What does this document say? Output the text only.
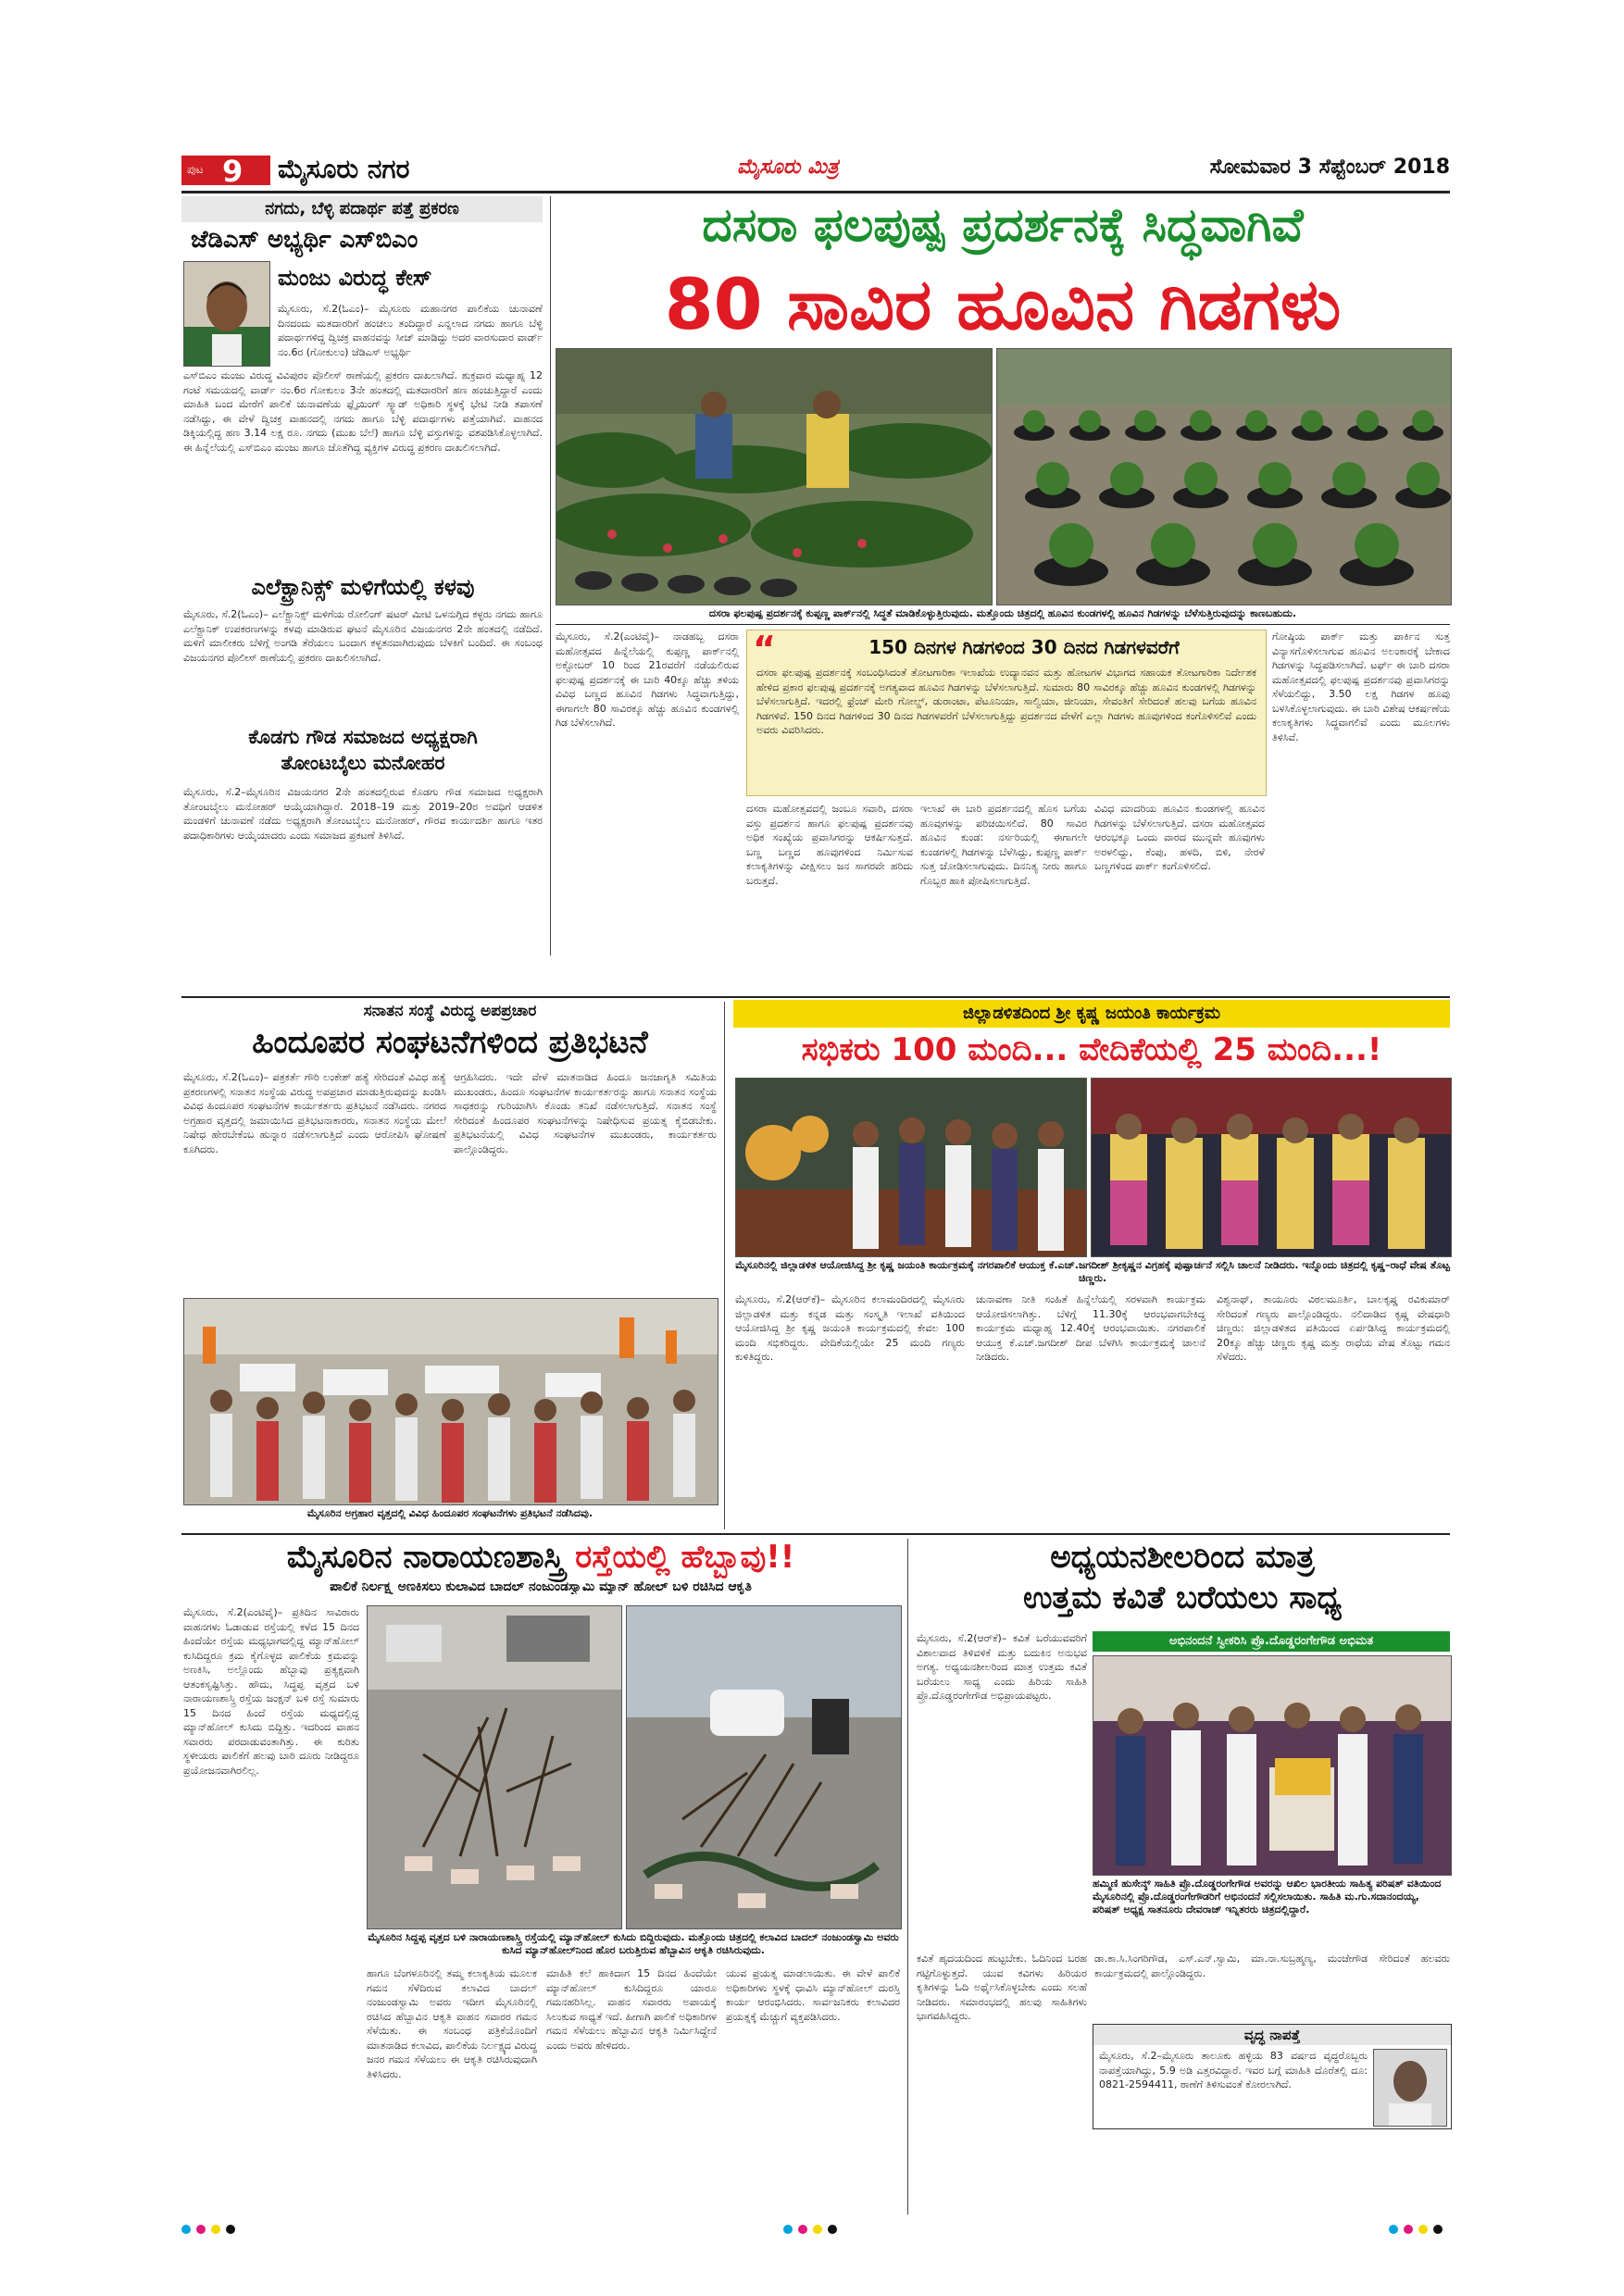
ಪುಟ 9 ಮೈಸೂರು ನಗರ	ಮೈಸೂರು ಮಿತ್ರ	ಸೋಮವಾರ 3 ಸೆಪ್ಟೆಂಬರ್ 2018
ನಗದು, ಬೆಳ್ಳಿ ಪದಾರ್ಥ ಪತ್ತೆ ಪ್ರಕರಣ
ಜೆಡಿಎಸ್ ಅಭ್ಯರ್ಥಿ ಎಸ್‌ಬಿಎಂ
ಮಂಜು ವಿರುದ್ಧ ಕೇಸ್
ಮೈಸೂರು, ಸೆ.2(ಓಎಂ)– ಮೈಸೂರು ಮಹಾನಗರ ಪಾಲಿಕೆಯ ಚುನಾವಣೆ ದಿನದಂದು ಮತದಾರರಿಗೆ ಹಂಚಲು ತಂದಿದ್ದಾರೆ ಎನ್ನಲಾದ ನಗದು ಹಾಗೂ ಬೆಳ್ಳಿ ಪದಾರ್ಥಗಳಿದ್ದ ದ್ವಿಚಕ್ರ ವಾಹನವನ್ನು ಸೀಜ್ ಮಾಡಿದ್ದು ಅದರ ವಾರಸುದಾರ ವಾರ್ಡ್ ನಂ.6ರ (ಗೋಕುಲಂ) ಜೆಡಿಎಸ್ ಅಭ್ಯರ್ಥಿ
ಎಸ್‌ಬಿಎಂ ಮಂಜು ವಿರುದ್ಧ ವಿವಿಪುರಂ ಪೊಲೀಸ್ ಠಾಣೆಯಲ್ಲಿ ಪ್ರಕರಣ ದಾಖಲಾಗಿದೆ. ಶುಕ್ರವಾರ ಮಧ್ಯಾಹ್ನ 12 ಗಂಟೆ ಸಮಯದಲ್ಲಿ ವಾರ್ಡ್ ನಂ.6ರ ಗೋಕುಲಂ 3ನೇ ಹಂತದಲ್ಲಿ ಮತದಾರರಿಗೆ ಹಣ ಹಂಚುತ್ತಿದ್ದಾರೆ ಎಂದು ಮಾಹಿತಿ ಬಂದ ಮೇರೆಗೆ ಪಾಲಿಕೆ ಚುನಾವಣೆಯ ಫ್ಲೈಯಿಂಗ್ ಸ್ಕ್ವಾಡ್ ಅಧಿಕಾರಿ ಸ್ಥಳಕ್ಕೆ ಭೇಟಿ ನೀಡಿ ತಪಾಸಣೆ ನಡೆಸಿದ್ದು, ಈ ವೇಳೆ ದ್ವಿಚಕ್ರ ವಾಹನದಲ್ಲಿ ನಗದು ಹಾಗೂ ಬೆಳ್ಳಿ ಪದಾರ್ಥಗಳು ಪತ್ತೆಯಾಗಿವೆ. ವಾಹನದ ಡಿಕ್ಕಿಯಲ್ಲಿದ್ದ ಹಣ 3.14 ಲಕ್ಷ ರೂ. ನಗದು (ಮುಖ ಬೆಲೆ) ಹಾಗೂ ಬೆಳ್ಳಿ ವಸ್ತುಗಳನ್ನು ವಶಪಡಿಸಿಕೊಳ್ಳಲಾಗಿದೆ. ಈ ಹಿನ್ನೆಲೆಯಲ್ಲಿ ಎಸ್‌ಬಿಎಂ ಮಂಜು ಹಾಗೂ ಜೊತೆಗಿದ್ದ ವ್ಯಕ್ತಿಗಳ ವಿರುದ್ಧ ಪ್ರಕರಣ ದಾಖಲಿಸಲಾಗಿದೆ.
ಎಲೆಕ್ಟ್ರಾನಿಕ್ಸ್ ಮಳಿಗೆಯಲ್ಲಿ ಕಳವು
ಮೈಸೂರು, ಸೆ.2(ಓಎಂ)– ಎಲೆಕ್ಟ್ರಾನಿಕ್ಸ್ ಮಳಿಗೆಯ ರೋಲಿಂಗ್ ಷಟರ್ ಮೀಟಿ ಒಳನುಗ್ಗಿದ ಕಳ್ಳರು ನಗದು ಹಾಗೂ ಎಲೆಕ್ಟ್ರಾನಿಕ್ ಉಪಕರಣಗಳನ್ನು ಕಳವು ಮಾಡಿರುವ ಘಟನೆ ಮೈಸೂರಿನ ವಿಜಯನಗರ 2ನೇ ಹಂತದಲ್ಲಿ ನಡೆದಿದೆ. ಮಳಿಗೆ ಮಾಲೀಕರು ಬೆಳಿಗ್ಗೆ ಅಂಗಡಿ ತೆರೆಯಲು ಬಂದಾಗ ಕಳ್ಳತನವಾಗಿರುವುದು ಬೆಳಕಿಗೆ ಬಂದಿದೆ. ಈ ಸಂಬಂಧ ವಿಜಯನಗರ ಪೊಲೀಸ್ ಠಾಣೆಯಲ್ಲಿ ಪ್ರಕರಣ ದಾಖಲಿಸಲಾಗಿದೆ.
ಕೊಡಗು ಗೌಡ ಸಮಾಜದ ಅಧ್ಯಕ್ಷರಾಗಿ
ತೋಂಟಬೈಲು ಮನೋಹರ
ಮೈಸೂರು, ಸೆ.2–ಮೈಸೂರಿನ ವಿಜಯನಗರ 2ನೇ ಹಂತದಲ್ಲಿರುವ ಕೊಡಗು ಗೌಡ ಸಮಾಜದ ಅಧ್ಯಕ್ಷರಾಗಿ ತೋಂಟಬೈಲು ಮನೋಹರ್ ಆಯ್ಕೆಯಾಗಿದ್ದಾರೆ. 2018–19 ಮತ್ತು 2019–20ರ ಅವಧಿಗೆ ಆಡಳಿತ ಮಂಡಳಿಗೆ ಚುನಾವಣೆ ನಡೆದು ಅಧ್ಯಕ್ಷರಾಗಿ ತೋಂಟಬೈಲು ಮನೋಹರ್, ಗೌರವ ಕಾರ್ಯದರ್ಶಿ ಹಾಗೂ ಇತರ ಪದಾಧಿಕಾರಿಗಳು ಆಯ್ಕೆಯಾದರು ಎಂದು ಸಮಾಜದ ಪ್ರಕಟಣೆ ತಿಳಿಸಿದೆ.
ದಸರಾ ಫಲಪುಷ್ಪ ಪ್ರದರ್ಶನಕ್ಕೆ ಸಿದ್ಧವಾಗಿವೆ
80 ಸಾವಿರ ಹೂವಿನ ಗಿಡಗಳು
ದಸರಾ ಫಲಪುಷ್ಪ ಪ್ರದರ್ಶನಕ್ಕೆ ಕುಪ್ಪಣ್ಣ ಪಾರ್ಕ್‌ನಲ್ಲಿ ಸಿದ್ಧತೆ ಮಾಡಿಕೊಳ್ಳುತ್ತಿರುವುದು. ಮತ್ತೊಂದು ಚಿತ್ರದಲ್ಲಿ ಹೂವಿನ ಕುಂಡಗಳಲ್ಲಿ ಹೂವಿನ ಗಿಡಗಳನ್ನು ಬೆಳೆಸುತ್ತಿರುವುದನ್ನು ಕಾಣಬಹುದು.
ಮೈಸೂರು, ಸೆ.2(ಎಂಟಿವೈ)– ನಾಡಹಬ್ಬ ದಸರಾ ಮಹೋತ್ಸವದ ಹಿನ್ನೆಲೆಯಲ್ಲಿ ಕುಪ್ಪಣ್ಣ ಪಾರ್ಕ್‌ನಲ್ಲಿ ಅಕ್ಟೋಬರ್ 10 ರಿಂದ 21ರವರೆಗೆ ನಡೆಯಲಿರುವ ಫಲಪುಷ್ಪ ಪ್ರದರ್ಶನಕ್ಕೆ ಈ ಬಾರಿ 40ಕ್ಕೂ ಹೆಚ್ಚು ತಳಿಯ ವಿವಿಧ ಬಣ್ಣದ ಹೂವಿನ ಗಿಡಗಳು ಸಿದ್ಧವಾಗುತ್ತಿದ್ದು, ಈಗಾಗಲೇ 80 ಸಾವಿರಕ್ಕೂ ಹೆಚ್ಚು ಹೂವಿನ ಕುಂಡಗಳಲ್ಲಿ ಗಿಡ ಬೆಳೆಸಲಾಗಿದೆ.
“	150 ದಿನಗಳ ಗಿಡಗಳಿಂದ 30 ದಿನದ ಗಿಡಗಳವರೆಗೆ
ದಸರಾ ಫಲಪುಷ್ಪ ಪ್ರದರ್ಶನಕ್ಕೆ ಸಂಬಂಧಿಸಿದಂತೆ ತೋಟಗಾರಿಕಾ ಇಲಾಖೆಯ ಉದ್ಯಾನವನ ಮತ್ತು ಹೋಟಗಳ ವಿಭಾಗದ ಸಹಾಯಕ ತೋಟಗಾರಿಕಾ ನಿರ್ದೇಶಕ ಹೇಳಿದ ಪ್ರಕಾರ ಫಲಪುಷ್ಪ ಪ್ರದರ್ಶನಕ್ಕೆ ಅಗತ್ಯವಾದ ಹೂವಿನ ಗಿಡಗಳನ್ನು ಬೆಳೆಸಲಾಗುತ್ತಿದೆ. ಸುಮಾರು 80 ಸಾವಿರಕ್ಕೂ ಹೆಚ್ಚು ಹೂವಿನ ಕುಂಡಗಳಲ್ಲಿ ಗಿಡಗಳನ್ನು ಬೆಳೆಸಲಾಗುತ್ತಿದೆ. ಇದರಲ್ಲಿ ಫ್ರೆಂಚ್ ಮೇರಿ ಗೋಲ್ಡ್, ಡುರಾಂಟಾ, ಪೆಟೂನಿಯಾ, ಸಾಲ್ವಿಯಾ, ಜೀನಿಯಾ, ಸೇವಂತಿಗೆ ಸೇರಿದಂತೆ ಹಲವು ಬಗೆಯ ಹೂವಿನ ಗಿಡಗಳಿವೆ. 150 ದಿನದ ಗಿಡಗಳಿಂದ 30 ದಿನದ ಗಿಡಗಳವರೆಗೆ ಬೆಳೆಸಲಾಗುತ್ತಿದ್ದು ಪ್ರದರ್ಶನದ ವೇಳೆಗೆ ಎಲ್ಲಾ ಗಿಡಗಳು ಹೂವುಗಳಿಂದ ಕಂಗೊಳಿಸಲಿವೆ ಎಂದು ಅವರು ವಿವರಿಸಿದರು.
ಗೋಷ್ಠಿಯ ಪಾರ್ಕ್ ಮತ್ತು ಪಾರ್ಕಿನ ಸುತ್ತ ವಿನ್ಯಾಸಗೊಳಿಸಲಾಗುವ ಹೂವಿನ ಅಲಂಕಾರಕ್ಕೆ ಬೇಕಾದ ಗಿಡಗಳನ್ನು ಸಿದ್ಧಪಡಿಸಲಾಗಿದೆ. ಟರ್ಫ್ ಈ ಬಾರಿ ದಸರಾ ಮಹೋತ್ಸವದಲ್ಲಿ ಫಲಪುಷ್ಪ ಪ್ರದರ್ಶನವು ಪ್ರವಾಸಿಗರನ್ನು ಸೆಳೆಯಲಿದ್ದು, 3.50 ಲಕ್ಷ ಗಿಡಗಳ ಹೂವು ಬಳಸಿಕೊಳ್ಳಲಾಗುವುದು. ಈ ಬಾರಿ ವಿಶೇಷ ಆಕರ್ಷಣೆಯ ಕಲಾಕೃತಿಗಳು ಸಿದ್ಧವಾಗಲಿವೆ ಎಂದು ಮೂಲಗಳು ತಿಳಿಸಿವೆ.
ದಸರಾ ಮಹೋತ್ಸವದಲ್ಲಿ ಜಂಬೂ ಸವಾರಿ, ದಸರಾ ವಸ್ತು ಪ್ರದರ್ಶನ ಹಾಗೂ ಫಲಪುಷ್ಪ ಪ್ರದರ್ಶನವು ಅಧಿಕ ಸಂಖ್ಯೆಯ ಪ್ರವಾಸಿಗರನ್ನು ಆಕರ್ಷಿಸುತ್ತದೆ. ಬಣ್ಣ ಬಣ್ಣದ ಹೂವುಗಳಿಂದ ನಿರ್ಮಿಸುವ ಕಲಾಕೃತಿಗಳನ್ನು ವೀಕ್ಷಿಸಲು ಜನ ಸಾಗರವೇ ಹರಿದು ಬರುತ್ತದೆ.
ಇಲಾಖೆ ಈ ಬಾರಿ ಪ್ರದರ್ಶನದಲ್ಲಿ ಹೊಸ ಬಗೆಯ ಹೂವುಗಳನ್ನು ಪರಿಚಯಿಸಲಿದೆ. 80 ಸಾವಿರ ಹೂವಿನ ಕುಂಡ: ನರ್ಸರಿಯಲ್ಲಿ ಈಗಾಗಲೇ ಕುಂಡಗಳಲ್ಲಿ ಗಿಡಗಳನ್ನು ಬೆಳೆಸಿದ್ದು, ಕುಪ್ಪಣ್ಣ ಪಾರ್ಕ್ ಸುತ್ತ ಜೋಡಿಸಲಾಗುವುದು. ದಿನನಿತ್ಯ ನೀರು ಹಾಗೂ ಗೊಬ್ಬರ ಹಾಕಿ ಪೋಷಿಸಲಾಗುತ್ತಿದೆ.
ವಿವಿಧ ಮಾದರಿಯ ಹೂವಿನ ಕುಂಡಗಳಲ್ಲಿ ಹೂವಿನ ಗಿಡಗಳನ್ನು ಬೆಳೆಸಲಾಗುತ್ತಿದೆ. ದಸರಾ ಮಹೋತ್ಸವದ ಆರಂಭಕ್ಕೂ ಒಂದು ವಾರದ ಮುನ್ನವೇ ಹೂವುಗಳು ಅರಳಲಿದ್ದು, ಕೆಂಪು, ಹಳದಿ, ಬಿಳಿ, ನೇರಳೆ ಬಣ್ಣಗಳಿಂದ ಪಾರ್ಕ್ ಕಂಗೊಳಿಸಲಿದೆ.
ಸನಾತನ ಸಂಸ್ಥೆ ವಿರುದ್ಧ ಅಪಪ್ರಚಾರ
ಹಿಂದೂಪರ ಸಂಘಟನೆಗಳಿಂದ ಪ್ರತಿಭಟನೆ
ಮೈಸೂರು, ಸೆ.2(ಓಎಂ)– ಪತ್ರಕರ್ತೆ ಗೌರಿ ಲಂಕೇಶ್ ಹತ್ಯೆ ಸೇರಿದಂತೆ ವಿವಿಧ ಹತ್ಯೆ ಪ್ರಕರಣಗಳಲ್ಲಿ ಸನಾತನ ಸಂಸ್ಥೆಯ ವಿರುದ್ಧ ಅಪಪ್ರಚಾರ ಮಾಡುತ್ತಿರುವುದನ್ನು ಖಂಡಿಸಿ ವಿವಿಧ ಹಿಂದೂಪರ ಸಂಘಟನೆಗಳ ಕಾರ್ಯಕರ್ತರು ಪ್ರತಿಭಟನೆ ನಡೆಸಿದರು. ನಗರದ ಅಗ್ರಹಾರ ವೃತ್ತದಲ್ಲಿ ಜಮಾಯಿಸಿದ ಪ್ರತಿಭಟನಾಕಾರರು, ಸನಾತನ ಸಂಸ್ಥೆಯ ಮೇಲೆ ನಿಷೇಧ ಹೇರಬೇಕೆಂಬ ಹುನ್ನಾರ ನಡೆಸಲಾಗುತ್ತಿದೆ ಎಂದು ಆರೋಪಿಸಿ ಘೋಷಣೆ ಕೂಗಿದರು.
ಆಗ್ರಹಿಸಿದರು. ಇದೇ ವೇಳೆ ಮಾತನಾಡಿದ ಹಿಂದೂ ಜನಜಾಗೃತಿ ಸಮಿತಿಯ ಮುಖಂಡರು, ಹಿಂದೂ ಸಂಘಟನೆಗಳ ಕಾರ್ಯಕರ್ತರನ್ನು ಹಾಗೂ ಸನಾತನ ಸಂಸ್ಥೆಯ ಸಾಧಕರನ್ನು ಗುರಿಯಾಗಿಸಿ ಕೊಂಡು ತನಿಖೆ ನಡೆಸಲಾಗುತ್ತಿದೆ. ಸನಾತನ ಸಂಸ್ಥೆ ಸೇರಿದಂತೆ ಹಿಂದೂಪರ ಸಂಘಟನೆಗಳನ್ನು ನಿಷೇಧಿಸುವ ಪ್ರಯತ್ನ ಕೈಬಿಡಬೇಕು. ಪ್ರತಿಭಟನೆಯಲ್ಲಿ ವಿವಿಧ ಸಂಘಟನೆಗಳ ಮುಖಂಡರು, ಕಾರ್ಯಕರ್ತರು ಪಾಲ್ಗೊಂಡಿದ್ದರು.
ಮೈಸೂರಿನ ಅಗ್ರಹಾರ ವೃತ್ತದಲ್ಲಿ ವಿವಿಧ ಹಿಂದೂಪರ ಸಂಘಟನೆಗಳು ಪ್ರತಿಭಟನೆ ನಡೆಸಿದವು.
ಜಿಲ್ಲಾಡಳಿತದಿಂದ ಶ್ರೀ ಕೃಷ್ಣ ಜಯಂತಿ ಕಾರ್ಯಕ್ರಮ
ಸಭಿಕರು 100 ಮಂದಿ... ವೇದಿಕೆಯಲ್ಲಿ 25 ಮಂದಿ...!
ಮೈಸೂರಿನಲ್ಲಿ ಜಿಲ್ಲಾಡಳಿತ ಆಯೋಜಿಸಿದ್ದ ಶ್ರೀ ಕೃಷ್ಣ ಜಯಂತಿ ಕಾರ್ಯಕ್ರಮಕ್ಕೆ ನಗರಪಾಲಿಕೆ ಆಯುಕ್ತ ಕೆ.ಎಚ್.ಜಗದೀಶ್ ಶ್ರೀಕೃಷ್ಣನ ವಿಗ್ರಹಕ್ಕೆ ಪುಷ್ಪಾರ್ಚನೆ ಸಲ್ಲಿಸಿ ಚಾಲನೆ ನೀಡಿದರು. ಇನ್ನೊಂದು ಚಿತ್ರದಲ್ಲಿ ಕೃಷ್ಣ–ರಾಧೆ ವೇಷ ತೊಟ್ಟ ಚಿಣ್ಣರು.
ಮೈಸೂರು, ಸೆ.2(ಆರ್‌ಕೆ)– ಮೈಸೂರಿನ ಕಲಾಮಂದಿರದಲ್ಲಿ ಮೈಸೂರು ಜಿಲ್ಲಾಡಳಿತ ಮತ್ತು ಕನ್ನಡ ಮತ್ತು ಸಂಸ್ಕೃತಿ ಇಲಾಖೆ ವತಿಯಿಂದ ಆಯೋಜಿಸಿದ್ದ ಶ್ರೀ ಕೃಷ್ಣ ಜಯಂತಿ ಕಾರ್ಯಕ್ರಮದಲ್ಲಿ ಕೇವಲ 100 ಮಂದಿ ಸಭಿಕರಿದ್ದರು. ವೇದಿಕೆಯಲ್ಲಿಯೇ 25 ಮಂದಿ ಗಣ್ಯರು ಕುಳಿತಿದ್ದರು.
ಚುನಾವಣಾ ನೀತಿ ಸಂಹಿತೆ ಹಿನ್ನೆಲೆಯಲ್ಲಿ ಸರಳವಾಗಿ ಕಾರ್ಯಕ್ರಮ ಆಯೋಜಿಸಲಾಗಿತ್ತು. ಬೆಳಿಗ್ಗೆ 11.30ಕ್ಕೆ ಆರಂಭವಾಗಬೇಕಿದ್ದ ಕಾರ್ಯಕ್ರಮ ಮಧ್ಯಾಹ್ನ 12.40ಕ್ಕೆ ಆರಂಭವಾಯಿತು. ನಗರಪಾಲಿಕೆ ಆಯುಕ್ತ ಕೆ.ಎಚ್.ಜಗದೀಶ್ ದೀಪ ಬೆಳಗಿಸಿ ಕಾರ್ಯಕ್ರಮಕ್ಕೆ ಚಾಲನೆ ನೀಡಿದರು.
ವಿಶ್ವನಾಥ್, ತಾಯೂರು ವಿಠಲಮೂರ್ತಿ, ಬಾಲಕೃಷ್ಣ ರವಿಕುಮಾರ್ ಸೇರಿದಂತೆ ಗಣ್ಯರು ಪಾಲ್ಗೊಂಡಿದ್ದರು. ನಲಿದಾಡಿದ ಕೃಷ್ಣ ವೇಷಧಾರಿ ಚಿಣ್ಣರು: ಜಿಲ್ಲಾಡಳಿತದ ವತಿಯಿಂದ ಏರ್ಪಡಿಸಿದ್ದ ಕಾರ್ಯಕ್ರಮದಲ್ಲಿ 20ಕ್ಕೂ ಹೆಚ್ಚು ಚಿಣ್ಣರು ಕೃಷ್ಣ ಮತ್ತು ರಾಧೆಯ ವೇಷ ತೊಟ್ಟು ಗಮನ ಸೆಳೆದರು.
ಮೈಸೂರಿನ ನಾರಾಯಣಶಾಸ್ತ್ರಿ ರಸ್ತೆಯಲ್ಲಿ ಹೆಬ್ಬಾವು!!
ಪಾಲಿಕೆ ನಿರ್ಲಕ್ಷ್ಯ ಅಣಕಿಸಲು ಕುಲಾವಿದ ಬಾದಲ್ ನಂಜುಂಡಸ್ವಾಮಿ ಮ್ಯಾನ್ ಹೋಲ್ ಬಳಿ ರಚಿಸಿದ ಆಕೃತಿ
ಮೈಸೂರು, ಸೆ.2(ಎಂಟಿವೈ)– ಪ್ರತಿದಿನ ಸಾವಿರಾರು ವಾಹನಗಳು ಓಡಾಡುವ ರಸ್ತೆಯಲ್ಲಿ ಕಳೆದ 15 ದಿನದ ಹಿಂದೆಯೇ ರಸ್ತೆಯ ಮಧ್ಯಭಾಗದಲ್ಲಿದ್ದ ಮ್ಯಾನ್‌ಹೋಲ್ ಕುಸಿದಿದ್ದರೂ ಕ್ರಮ ಕೈಗೊಳ್ಳದ ಪಾಲಿಕೆಯ ಕ್ರಮವನ್ನು ಅಣಕಿಸಿ, ಅಲ್ಲೊಂದು ಹೆಬ್ಬಾವು ಪ್ರತ್ಯಕ್ಷವಾಗಿ ಆತಂಕಸೃಷ್ಟಿಸಿತ್ತು. ಹೌದು, ಸಿದ್ಧಪ್ಪ ವೃತ್ತದ ಬಳಿ ನಾರಾಯಣಶಾಸ್ತ್ರಿ ರಸ್ತೆಯ ಜಂಕ್ಷನ್ ಬಳಿ ರಸ್ತೆ ಸುಮಾರು 15 ದಿನದ ಹಿಂದೆ ರಸ್ತೆಯ ಮಧ್ಯದಲ್ಲಿದ್ದ ಮ್ಯಾನ್‌ಹೋಲ್ ಕುಸಿದು ಬಿದ್ದಿತ್ತು. ಇದರಿಂದ ವಾಹನ ಸವಾರರು ಪರದಾಡುವಂತಾಗಿತ್ತು. ಈ ಕುರಿತು ಸ್ಥಳೀಯರು ಪಾಲಿಕೆಗೆ ಹಲವು ಬಾರಿ ದೂರು ನೀಡಿದ್ದರೂ ಪ್ರಯೋಜನವಾಗಿರಲಿಲ್ಲ.
ಮೈಸೂರಿನ ಸಿದ್ದಪ್ಪ ವೃತ್ತದ ಬಳಿ ನಾರಾಯಣಶಾಸ್ತ್ರಿ ರಸ್ತೆಯಲ್ಲಿ ಮ್ಯಾನ್‌ಹೋಲ್ ಕುಸಿದು ಬಿದ್ದಿರುವುದು. ಮತ್ತೊಂದು ಚಿತ್ರದಲ್ಲಿ ಕಲಾವಿದ ಬಾದಲ್ ನಂಜುಂಡಸ್ವಾಮಿ ಅವರು ಕುಸಿದ ಮ್ಯಾನ್‌ಹೋಲ್‌ನಿಂದ ಹೊರ ಬರುತ್ತಿರುವ ಹೆಬ್ಬಾವಿನ ಆಕೃತಿ ರಚಿಸಿರುವುದು.
ಹಾಗೂ ಬೆಂಗಳೂರಿನಲ್ಲಿ ತಮ್ಮ ಕಲಾಕೃತಿಯ ಮೂಲಕ ಗಮನ ಸೆಳೆದಿರುವ ಕಲಾವಿದ ಬಾದಲ್ ನಂಜುಂಡಸ್ವಾಮಿ ಅವರು ಇದೀಗ ಮೈಸೂರಿನಲ್ಲಿ ರಚಿಸಿದ ಹೆಬ್ಬಾವಿನ ಆಕೃತಿ ವಾಹನ ಸವಾರರ ಗಮನ ಸೆಳೆಯಿತು. ಈ ಸಂಬಂಧ ಪತ್ರಿಕೆಯೊಂದಿಗೆ ಮಾತನಾಡಿದ ಕಲಾವಿದ, ಪಾಲಿಕೆಯ ನಿರ್ಲಕ್ಷ್ಯದ ವಿರುದ್ಧ ಜನರ ಗಮನ ಸೆಳೆಯಲು ಈ ಆಕೃತಿ ರಚಿಸಿರುವುದಾಗಿ ತಿಳಿಸಿದರು.
ಮಾಹಿತಿ ಕಲೆ ಹಾಕಿದಾಗ 15 ದಿನದ ಹಿಂದೆಯೇ ಮ್ಯಾನ್‌ಹೋಲ್ ಕುಸಿದಿದ್ದರೂ ಯಾರೂ ಗಮನಹರಿಸಿಲ್ಲ. ವಾಹನ ಸವಾರರು ಅಪಾಯಕ್ಕೆ ಸಿಲುಕುವ ಸಾಧ್ಯತೆ ಇದೆ. ಹೀಗಾಗಿ ಪಾಲಿಕೆ ಅಧಿಕಾರಿಗಳ ಗಮನ ಸೆಳೆಯಲು ಹೆಬ್ಬಾವಿನ ಆಕೃತಿ ನಿರ್ಮಿಸಿದ್ದೇನೆ ಎಂದು ಅವರು ಹೇಳಿದರು.
ಯುವ ಪ್ರಯತ್ನ ಮಾಡಲಾಯಿತು. ಈ ವೇಳೆ ಪಾಲಿಕೆ ಅಧಿಕಾರಿಗಳು ಸ್ಥಳಕ್ಕೆ ಧಾವಿಸಿ ಮ್ಯಾನ್‌ಹೋಲ್ ದುರಸ್ತಿ ಕಾರ್ಯ ಆರಂಭಿಸಿದರು. ಸಾರ್ವಜನಿಕರು ಕಲಾವಿದರ ಪ್ರಯತ್ನಕ್ಕೆ ಮೆಚ್ಚುಗೆ ವ್ಯಕ್ತಪಡಿಸಿದರು.
ಅಧ್ಯಯನಶೀಲರಿಂದ ಮಾತ್ರ
ಉತ್ತಮ ಕವಿತೆ ಬರೆಯಲು ಸಾಧ್ಯ
ಮೈಸೂರು, ಸೆ.2(ಆರ್‌ಕೆ)– ಕವಿತೆ ಬರೆಯುವವರಿಗೆ ವಿಶಾಲವಾದ ತಿಳಿವಳಿಕೆ ಮತ್ತು ಬದುಕಿನ ಅನುಭವ ಅಗತ್ಯ. ಅಧ್ಯಯನಶೀಲರಿಂದ ಮಾತ್ರ ಉತ್ತಮ ಕವಿತೆ ಬರೆಯಲು ಸಾಧ್ಯ ಎಂದು ಹಿರಿಯ ಸಾಹಿತಿ ಪ್ರೊ.ದೊಡ್ಡರಂಗೇಗೌಡ ಅಭಿಪ್ರಾಯಪಟ್ಟರು.
ಅಭಿನಂದನೆ ಸ್ವೀಕರಿಸಿ ಪ್ರೊ.ದೊಡ್ಡರಂಗೇಗೌಡ ಅಭಿಮತ
ಹಮ್ಮಿಣಿ ಹುಸೇನ್ಶ್ ಸಾಹಿತಿ ಪ್ರೊ.ದೊಡ್ಡರಂಗೇಗೌಡ ಅವರನ್ನು ಆಖಿಲ ಭಾರತೀಯ ಸಾಹಿತ್ಯ ಪರಿಷತ್ ವತಿಯಿಂದ ಮೈಸೂರಿನಲ್ಲಿ ಪ್ರೊ.ದೊಡ್ಡರಂಗೇಗೌಡರಿಗೆ ಅಭಿನಂದನೆ ಸಲ್ಲಿಸಲಾಯಿತು. ಸಾಹಿತಿ ಮ.ಗು.ಸದಾನಂದಯ್ಯ, ಪರಿಷತ್ ಅಧ್ಯಕ್ಷ ಸಾತನೂರು ದೇವರಾಜ್ ಇನ್ನಿತರರು ಚಿತ್ರದಲ್ಲಿದ್ದಾರೆ.
ಕವಿತೆ ಹೃದಯದಿಂದ ಹುಟ್ಟಬೇಕು. ಓದಿನಿಂದ ಬರಹ ಗಟ್ಟಿಗೊಳ್ಳುತ್ತದೆ. ಯುವ ಕವಿಗಳು ಹಿರಿಯರ ಕೃತಿಗಳನ್ನು ಓದಿ ಅರ್ಥೈಸಿಕೊಳ್ಳಬೇಕು ಎಂದು ಸಲಹೆ ನೀಡಿದರು. ಸಮಾರಂಭದಲ್ಲಿ ಹಲವು ಸಾಹಿತಿಗಳು ಭಾಗವಹಿಸಿದ್ದರು.
ಡಾ.ಕಾ.ಸಿ.ಸಿಂಗರಿಗೌಡ, ಎಸ್.ಎನ್.ಸ್ವಾಮಿ, ಮಾ.ನಾ.ಸುಬ್ರಹ್ಮಣ್ಯ, ಮಂಜೇಗೌಡ ಸೇರಿದಂತೆ ಹಲವರು ಕಾರ್ಯಕ್ರಮದಲ್ಲಿ ಪಾಲ್ಗೊಂಡಿದ್ದರು.
ವೃದ್ಧ ನಾಪತ್ತೆ
ಮೈಸೂರು, ಸೆ.2–ಮೈಸೂರು ತಾಲೂಕು ಹಳ್ಳಿಯ 83 ವರ್ಷದ ವೃದ್ಧರೊಬ್ಬರು ನಾಪತ್ತೆಯಾಗಿದ್ದು, 5.9 ಅಡಿ ಎತ್ತರವಿದ್ದಾರೆ. ಇವರ ಬಗ್ಗೆ ಮಾಹಿತಿ ದೊರೆತಲ್ಲಿ ದೂ: 0821-2594411, ಠಾಣೆಗೆ ತಿಳಿಸುವಂತೆ ಕೋರಲಾಗಿದೆ.
